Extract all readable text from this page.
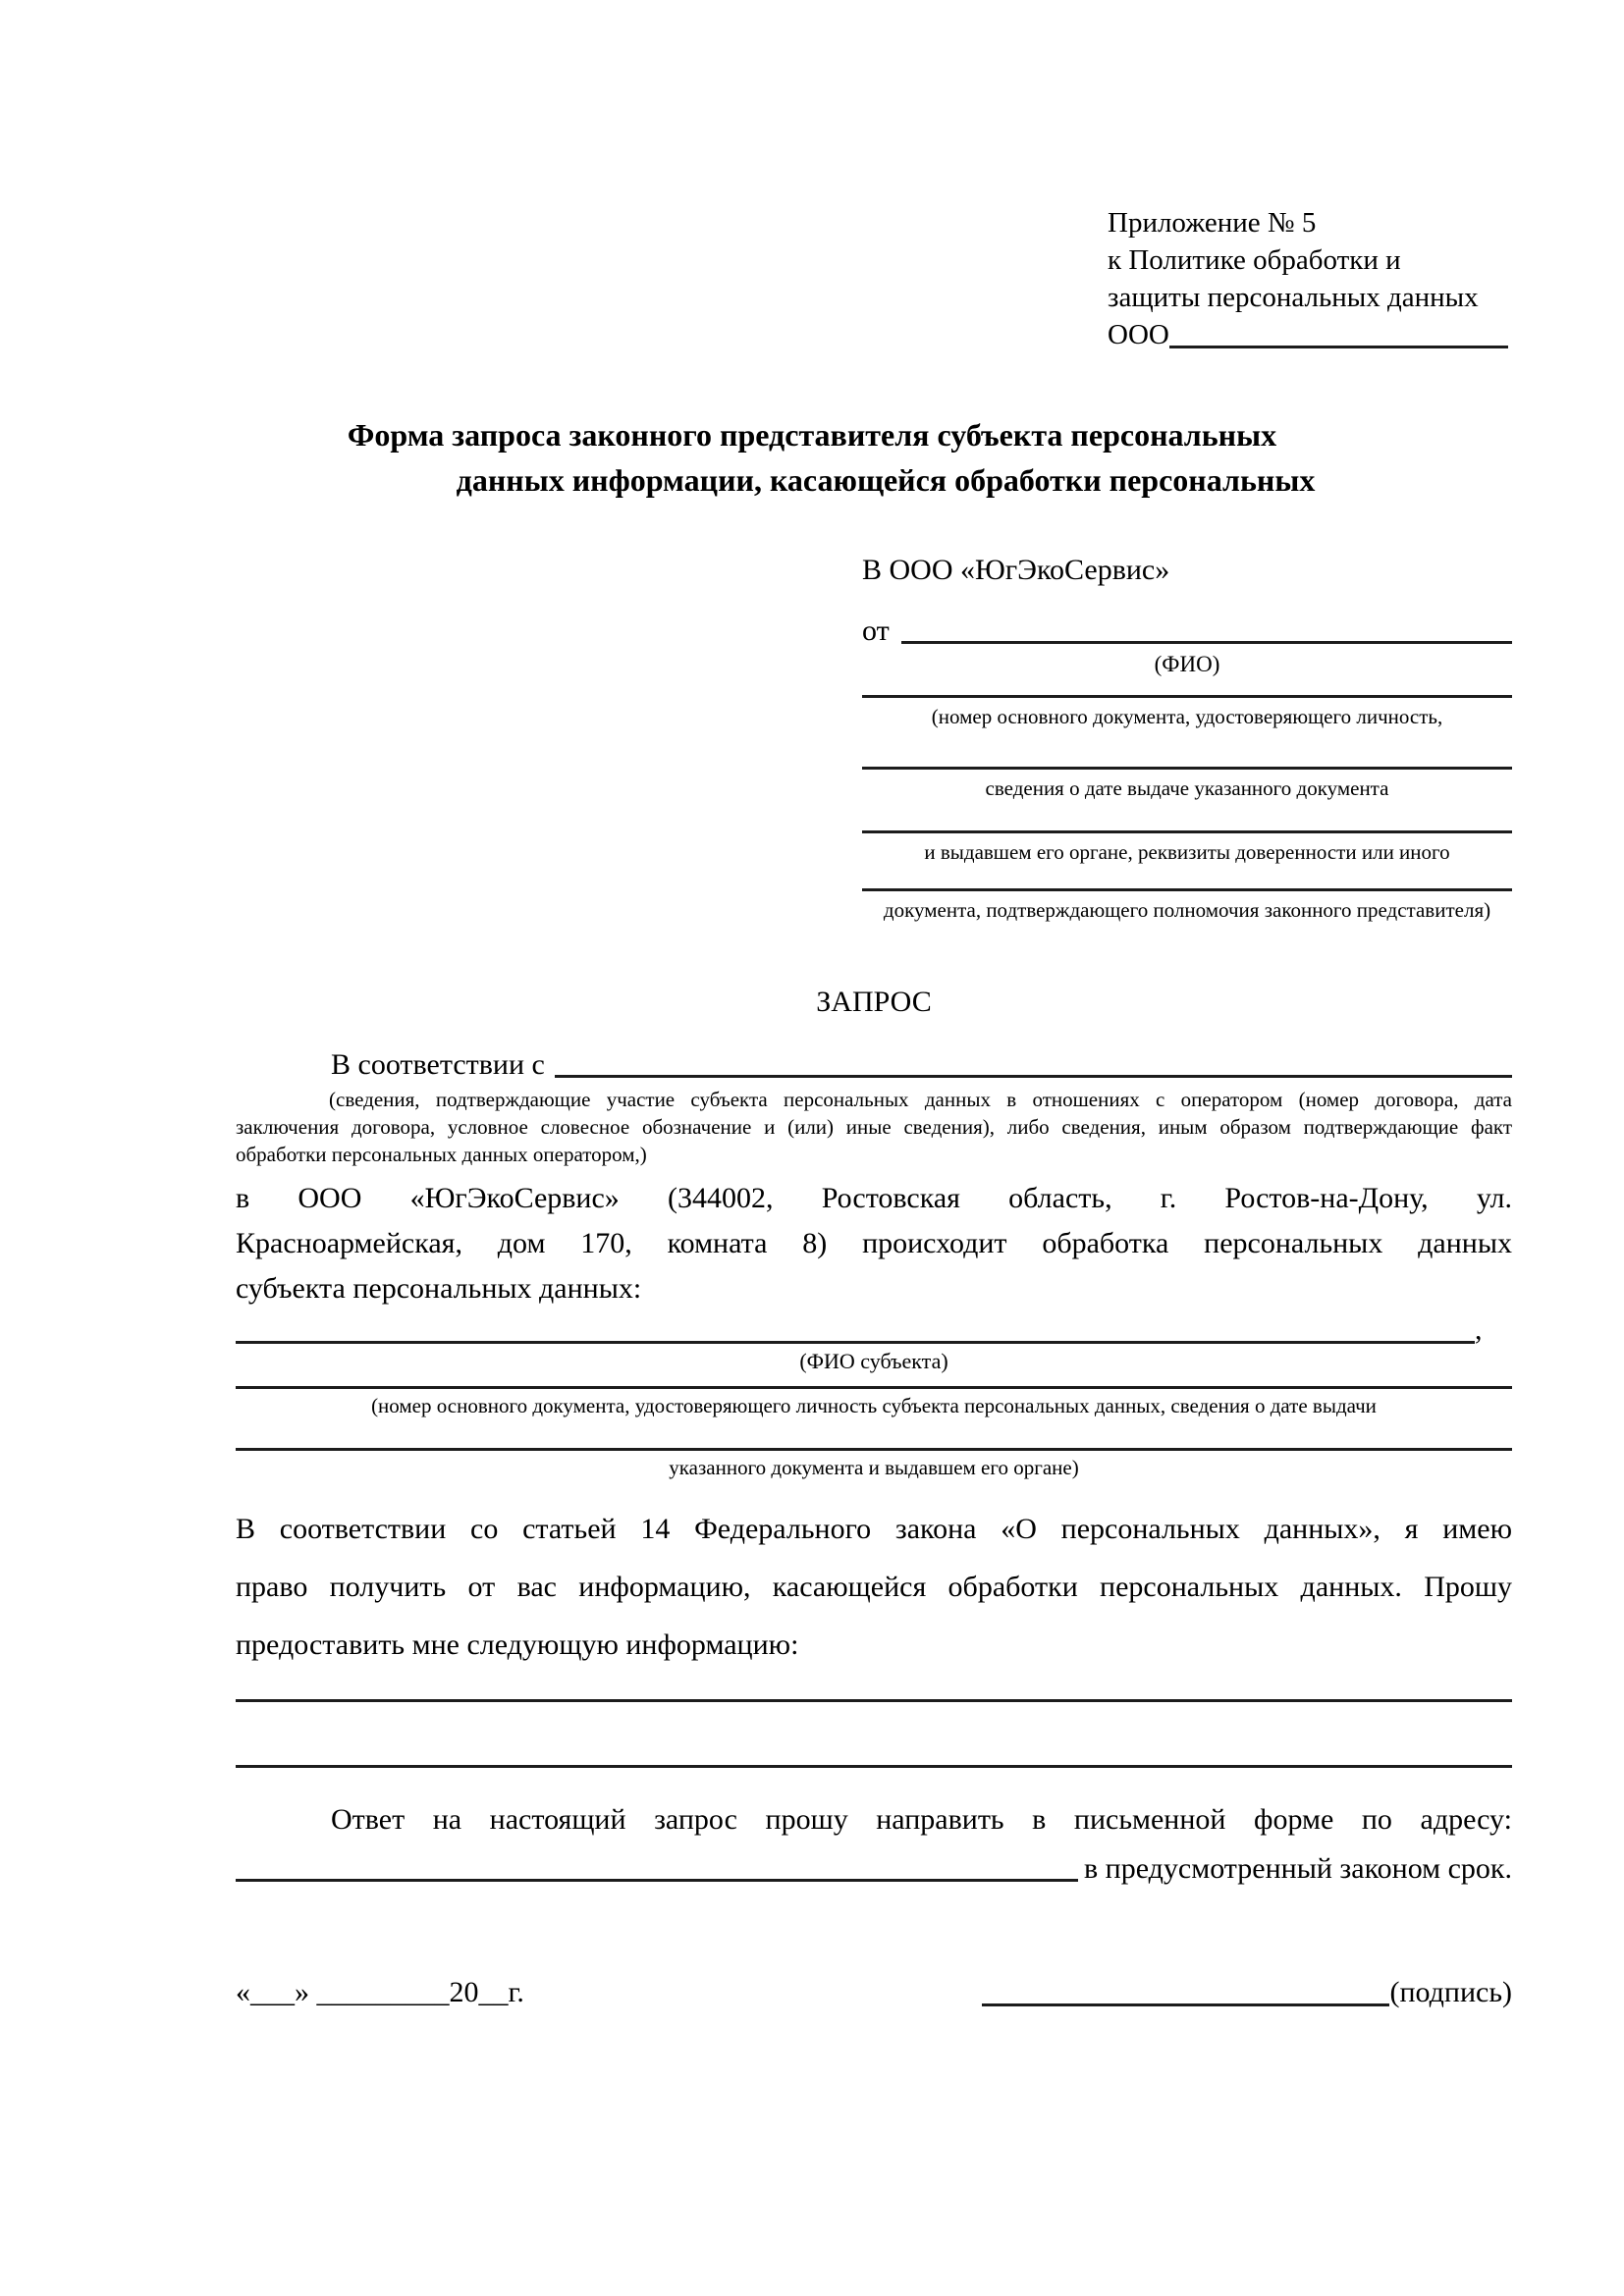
Приложение № 5
к Политике обработки и
защиты персональных данных
ООО
Форма запроса законного представителя субъекта персональных
данных информации, касающейся обработки персональных
В ООО «ЮгЭкоСервис»
от
(ФИО)
(номер основного документа, удостоверяющего личность,
сведения о дате выдаче указанного документа
и выдавшем его органе, реквизиты доверенности или иного
документа, подтверждающего полномочия законного представителя)
ЗАПРОС
В соответствии с
(сведения, подтверждающие участие субъекта персональных данных в отношениях с оператором (номер договора, дата
заключения договора, условное словесное обозначение и (или) иные сведения), либо сведения, иным образом подтверждающие факт
обработки персональных данных оператором,)
в ООО «ЮгЭкоСервис» (344002, Ростовская область, г. Ростов-на-Дону, ул.
Красноармейская, дом 170, комната 8) происходит обработка персональных данных
субъекта персональных данных:
,
(ФИО субъекта)
(номер основного документа, удостоверяющего личность субъекта персональных данных, сведения о дате выдачи
указанного документа и выдавшем его органе)
В соответствии со статьей 14 Федерального закона «О персональных данных», я имею
право получить от вас информацию, касающейся обработки персональных данных. Прошу
предоставить мне следующую информацию:
Ответ на настоящий запрос прошу направить в письменной форме по адресу:
в предусмотренный законом срок.
«___» _________20__г.	(подпись)
